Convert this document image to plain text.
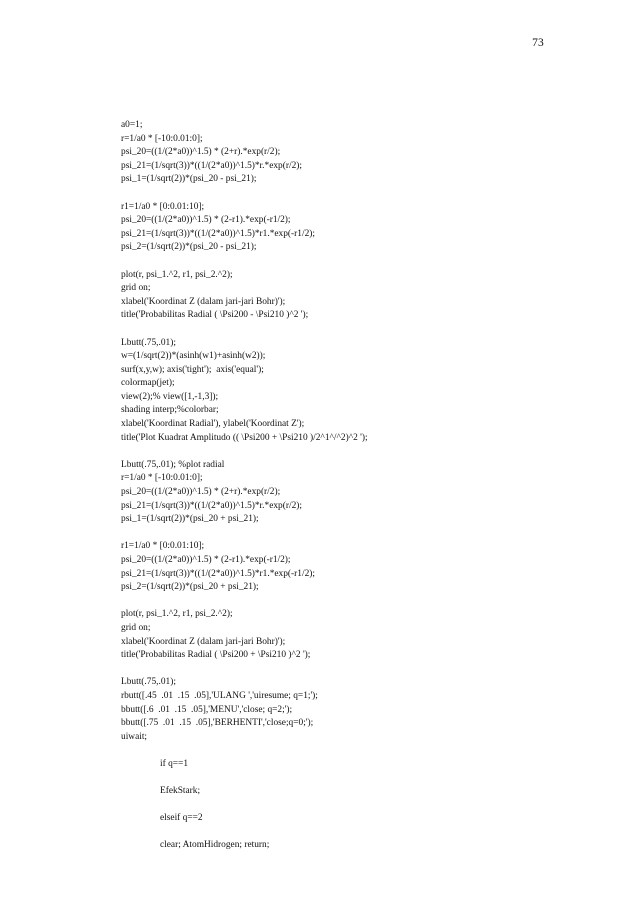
73
a0=1;
r=1/a0 * [-10:0.01:0];
psi_20=((1/(2*a0))^1.5) * (2+r).*exp(r/2);
psi_21=(1/sqrt(3))*((1/(2*a0))^1.5)*r.*exp(r/2);
psi_1=(1/sqrt(2))*(psi_20 - psi_21);
r1=1/a0 * [0:0.01:10];
psi_20=((1/(2*a0))^1.5) * (2-r1).*exp(-r1/2);
psi_21=(1/sqrt(3))*((1/(2*a0))^1.5)*r1.*exp(-r1/2);
psi_2=(1/sqrt(2))*(psi_20 - psi_21);
plot(r, psi_1.^2, r1, psi_2.^2);
grid on;
xlabel('Koordinat Z (dalam jari-jari Bohr)');
title('Probabilitas Radial ( \Psi200 - \Psi210 )^2 ');
Lbutt(.75,.01);
w=(1/sqrt(2))*(asinh(w1)+asinh(w2));
surf(x,y,w); axis('tight');  axis('equal');
colormap(jet);
view(2);% view([1,-1,3]);
shading interp;%colorbar;
xlabel('Koordinat Radial'), ylabel('Koordinat Z');
title('Plot Kuadrat Amplitudo (( \Psi200 + \Psi210 )/2^1^/^2)^2 ');
Lbutt(.75,.01); %plot radial
r=1/a0 * [-10:0.01:0];
psi_20=((1/(2*a0))^1.5) * (2+r).*exp(r/2);
psi_21=(1/sqrt(3))*((1/(2*a0))^1.5)*r.*exp(r/2);
psi_1=(1/sqrt(2))*(psi_20 + psi_21);
r1=1/a0 * [0:0.01:10];
psi_20=((1/(2*a0))^1.5) * (2-r1).*exp(-r1/2);
psi_21=(1/sqrt(3))*((1/(2*a0))^1.5)*r1.*exp(-r1/2);
psi_2=(1/sqrt(2))*(psi_20 + psi_21);
plot(r, psi_1.^2, r1, psi_2.^2);
grid on;
xlabel('Koordinat Z (dalam jari-jari Bohr)');
title('Probabilitas Radial ( \Psi200 + \Psi210 )^2 ');
Lbutt(.75,.01);
rbutt([.45  .01  .15  .05],'ULANG ','uiresume; q=1;');
bbutt([.6  .01  .15  .05],'MENU','close; q=2;');
bbutt([.75  .01  .15  .05],'BERHENTI','close;q=0;');
uiwait;
if q==1
EfekStark;
elseif q==2
clear; AtomHidrogen; return;
